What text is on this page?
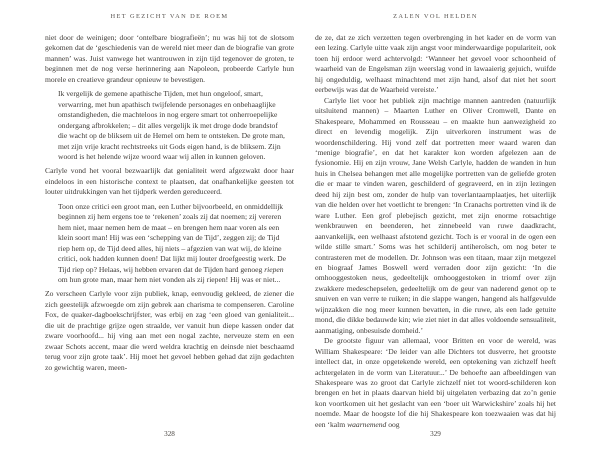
HET GEZICHT VAN DE ROEM

niet door de weinigen; door ‘ontelbare biografieën’; nu was hij tot de slotsom gekomen dat de ‘geschiedenis van de wereld niet meer dan de biografie van grote mannen’ was. Juist vanwege het wantrouwen in zijn tijd tegenover de groten, te beginnen met de nog verse herinnering aan Napoleon, probeerde Carlyle hun morele en creatieve grandeur opnieuw te bevestigen.

Ik vergelijk de gemene apathische Tijden, met hun ongeloof, smart, verwarring, met hun apathisch twijfelende personages en onbehaaglijke omstandigheden, die machteloos in nog ergere smart tot onherroepelijke ondergang afbrokkelen; – dit alles vergelijk ik met droge dode brandstof die wacht op de bliksem uit de Hemel om hem te ontsteken. De grote man, met zijn vrije kracht rechtstreeks uit Gods eigen hand, is de bliksem. Zijn woord is het helende wijze woord waar wij allen in kunnen geloven.

Carlyle vond het vooral bezwaarlijk dat genialiteit werd afgezwakt door haar eindeloos in een historische context te plaatsen, dat onafhankelijke geesten tot louter uitdrukkingen van het tijdperk werden gereduceerd.

Toon onze critici een groot man, een Luther bijvoorbeeld, en onmiddellijk beginnen zij hem ergens toe te ‘rekenen’ zoals zij dat noemen; zij vereren hem niet, maar nemen hem de maat – en brengen hem naar voren als een klein soort man! Hij was een ‘schepping van de Tijd’, zeggen zij; de Tijd riep hem op, de Tijd deed alles, hij niets – afgezien van wat wij, de kleine critici, ook hadden kunnen doen! Dat lijkt mij louter droefgeestig werk. De Tijd riep op? Helaas, wij hebben ervaren dat de Tijden hard genoeg riepen om hun grote man, maar hem niet vonden als zij riepen! Hij was er niet...

Zo verscheen Carlyle voor zijn publiek, knap, eenvoudig gekleed, de ziener die zich geestelijk afzwoegde om zijn gebrek aan charisma te compenseren. Caroline Fox, de quaker-dagboekschrijfster, was erbij en zag ‘een gloed van genialiteit... die uit de prachtige grijze ogen straalde, ver vanuit hun diepe kassen onder dat zware voorhoofd... hij ving aan met een nogal zachte, nerveuze stem en een zwaar Schots accent, maar die werd weldra krachtig en deinsde niet beschaamd terug voor zijn grote taak’. Hij moet het gevoel hebben gehad dat zijn gedachten zo gewichtig waren, meen-

328
ZALEN VOL HELDEN

de ze, dat ze zich verzetten tegen overbrenging in het kader en de vorm van een lezing. Carlyle uitte vaak zijn angst voor minderwaardige populariteit, ook toen hij erdoor werd achtervolgd: ‘Wanneer het gevoel voor schoonheid of waarheid van de Engelsman zijn weerslag vond in lawaaierig gejuich, wuifde hij ongeduldig, welhaast minachtend met zijn hand, alsof dat niet het soort eerbewijs was dat de Waarheid vereiste.’

Carlyle liet voor het publiek zijn machtige mannen aantreden (natuurlijk uitsluitend mannen) – Maarten Luther en Oliver Cromwell, Dante en Shakespeare, Mohammed en Rousseau – en maakte hun aanwezigheid zo direct en levendig mogelijk. Zijn uitverkoren instrument was de woordenschildering. Hij vond zelf dat portretten meer waard waren dan ‘menige biografie’, en dat het karakter kon worden afgelezen aan de fysionomie. Hij en zijn vrouw, Jane Welsh Carlyle, hadden de wanden in hun huis in Chelsea behangen met alle mogelijke portretten van de geliefde groten die er maar te vinden waren, geschilderd of gegraveerd, en in zijn lezingen deed hij zijn best om, zonder de hulp van toverlantaarnplaatjes, het uiterlijk van die helden over het voetlicht te brengen: ‘In Cranachs portretten vind ik de ware Luther. Een grof plebejisch gezicht, met zijn enorme rotsachtige wenkbrauwen en beenderen, het zinnebeeld van ruwe daadkracht, aanvankelijk, een welhaast afstotend gezicht. Toch is er vooral in de ogen een wilde stille smart.’ Soms was het schilderij antiheroïsch, om nog beter te contrasteren met de modellen. Dr. Johnson was een titaan, maar zijn metgezel en biograaf James Boswell werd verraden door zijn gezicht: ‘In die omhooggestoken neus, gedeeltelijk omhooggestoken in triomf over zijn zwakkere medeschepselen, gedeeltelijk om de geur van naderend genot op te snuiven en van verre te ruiken; in die slappe wangen, hangend als halfgevulde wijnzakken die nog meer kunnen bevatten, in die ruwe, als een lade getuite mond, die dikke bedauwde kin; wie ziet niet in dat alles voldoende sensualiteit, aanmatiging, onbesuisde domheid.’

De grootste figuur van allemaal, voor Britten en voor de wereld, was William Shakespeare: ‘De leider van alle Dichters tot dusverre, het grootste intellect dat, in onze opgetekende wereld, een optekening van zichzelf heeft achtergelaten in de vorm van Literatuur...’ De behoefte aan afbeeldingen van Shakespeare was zo groot dat Carlyle zichzelf niet tot woord-schilderen kon brengen en het in plaats daarvan hield bij uitgelaten verbazing dat zo’n genie kon voortkomen uit het geslacht van een ‘boer uit Warwickshire’ zoals hij het noemde. Maar de hoogste lof die hij Shakespeare kon toezwaaien was dat hij een ‘kalm waarnemend oog

329
